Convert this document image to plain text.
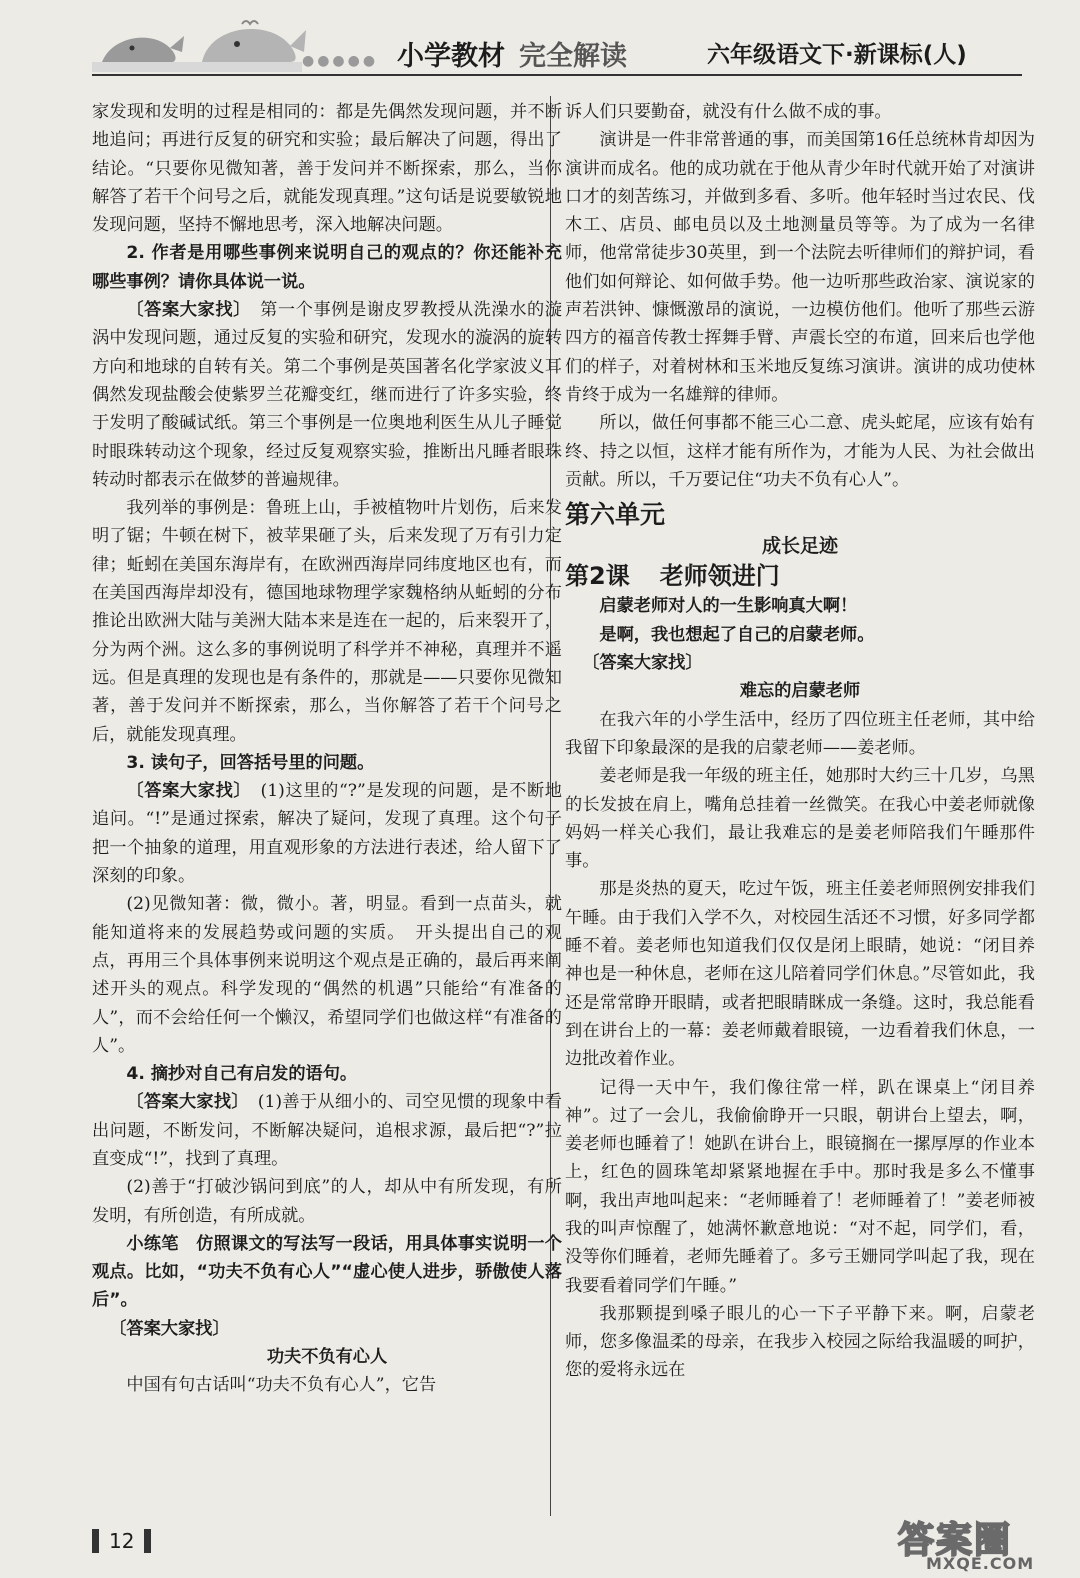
●●●●● 小学教材 完全解读	六年级语文下·新课标(人)

家发现和发明的过程是相同的：都是先偶然发现问题，并不断地追问；再进行反复的研究和实验；最后解决了问题，得出了结论。“只要你见微知著，善于发问并不断探索，那么，当你解答了若干个问号之后，就能发现真理。”这句话是说要敏锐地发现问题，坚持不懈地思考，深入地解决问题。

2. 作者是用哪些事例来说明自己的观点的？你还能补充哪些事例？请你具体说一说。

〔答案大家找〕　 第一个事例是谢皮罗教授从洗澡水的漩涡中发现问题，通过反复的实验和研究，发现水的漩涡的旋转方向和地球的自转有关。第二个事例是英国著名化学家波义耳偶然发现盐酸会使紫罗兰花瓣变红，继而进行了许多实验，终于发明了酸碱试纸。第三个事例是一位奥地利医生从儿子睡觉时眼珠转动这个现象，经过反复观察实验，推断出凡睡者眼珠转动时都表示在做梦的普遍规律。

我列举的事例是：鲁班上山，手被植物叶片划伤，后来发明了锯；牛顿在树下，被苹果砸了头，后来发现了万有引力定律；蚯蚓在美国东海岸有，在欧洲西海岸同纬度地区也有，而在美国西海岸却没有，德国地球物理学家魏格纳从蚯蚓的分布推论出欧洲大陆与美洲大陆本来是连在一起的，后来裂开了，分为两个洲。这么多的事例说明了科学并不神秘，真理并不遥远。但是真理的发现也是有条件的，那就是——只要你见微知著，善于发问并不断探索，那么，当你解答了若干个问号之后，就能发现真理。

3. 读句子，回答括号里的问题。

〔答案大家找〕　 (1)这里的“?”是发现的问题，是不断地追问。“!”是通过探索，解决了疑问，发现了真理。这个句子把一个抽象的道理，用直观形象的方法进行表述，给人留下了深刻的印象。

(2)见微知著：微，微小。著，明显。看到一点苗头，就能知道将来的发展趋势或问题的实质。　开头提出自己的观点，再用三个具体事例来说明这个观点是正确的，最后再来阐述开头的观点。科学发现的“偶然的机遇”只能给“有准备的人”，而不会给任何一个懒汉，希望同学们也做这样“有准备的人”。

4. 摘抄对自己有启发的语句。

〔答案大家找〕　 (1)善于从细小的、司空见惯的现象中看出问题，不断发问，不断解决疑问，追根求源，最后把“?”拉直变成“!”，找到了真理。

(2)善于“打破沙锅问到底”的人，却从中有所发现，有所发明，有所创造，有所成就。

小练笔　仿照课文的写法写一段话，用具体事实说明一个观点。比如，“功夫不负有心人”“虚心使人进步，骄傲使人落后”。

〔答案大家找〕

功夫不负有心人

中国有句古话叫“功夫不负有心人”，它告

诉人们只要勤奋，就没有什么做不成的事。

演讲是一件非常普通的事，而美国第16任总统林肯却因为演讲而成名。他的成功就在于他从青少年时代就开始了对演讲口才的刻苦练习，并做到多看、多听。他年轻时当过农民、伐木工、店员、邮电员以及土地测量员等等。为了成为一名律师，他常常徒步30英里，到一个法院去听律师们的辩护词，看他们如何辩论、如何做手势。他一边听那些政治家、演说家的声若洪钟、慷慨激昂的演说，一边模仿他们。他听了那些云游四方的福音传教士挥舞手臂、声震长空的布道，回来后也学他们的样子，对着树林和玉米地反复练习演讲。演讲的成功使林肯终于成为一名雄辩的律师。

所以，做任何事都不能三心二意、虎头蛇尾，应该有始有终、持之以恒，这样才能有所作为，才能为人民、为社会做出贡献。所以，千万要记住“功夫不负有心人”。

第六单元

成长足迹

第2课 老师领进门

启蒙老师对人的一生影响真大啊！

是啊，我也想起了自己的启蒙老师。

〔答案大家找〕

难忘的启蒙老师

在我六年的小学生活中，经历了四位班主任老师，其中给我留下印象最深的是我的启蒙老师——姜老师。

姜老师是我一年级的班主任，她那时大约三十几岁，乌黑的长发披在肩上，嘴角总挂着一丝微笑。在我心中姜老师就像妈妈一样关心我们，最让我难忘的是姜老师陪我们午睡那件事。

那是炎热的夏天，吃过午饭，班主任姜老师照例安排我们午睡。由于我们入学不久，对校园生活还不习惯，好多同学都睡不着。姜老师也知道我们仅仅是闭上眼睛，她说：“闭目养神也是一种休息，老师在这儿陪着同学们休息。”尽管如此，我还是常常睁开眼睛，或者把眼睛眯成一条缝。这时，我总能看到在讲台上的一幕：姜老师戴着眼镜，一边看着我们休息，一边批改着作业。

记得一天中午，我们像往常一样，趴在课桌上“闭目养神”。过了一会儿，我偷偷睁开一只眼，朝讲台上望去，啊，姜老师也睡着了！她趴在讲台上，眼镜搁在一摞厚厚的作业本上，红色的圆珠笔却紧紧地握在手中。那时我是多么不懂事啊，我出声地叫起来：“老师睡着了！老师睡着了！”姜老师被我的叫声惊醒了，她满怀歉意地说：“对不起，同学们，看，没等你们睡着，老师先睡着了。多亏王姗同学叫起了我，现在我要看着同学们午睡。”

我那颗提到嗓子眼儿的心一下子平静下来。啊，启蒙老师，您多像温柔的母亲，在我步入校园之际给我温暖的呵护，您的爱将永远在

12	答案圈
MXQE.COM
